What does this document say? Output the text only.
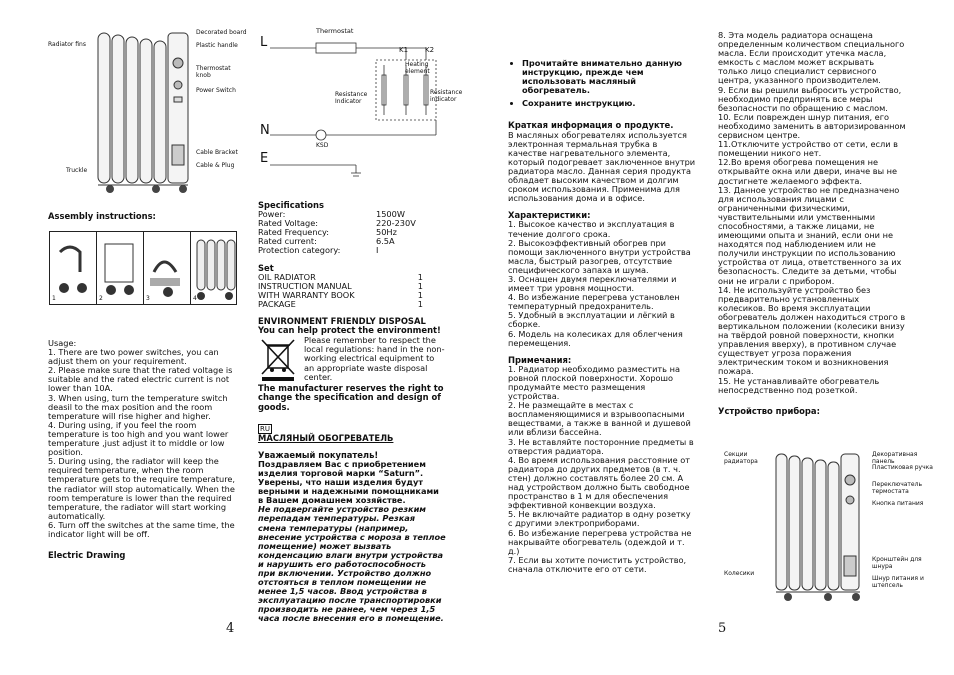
Radiator fins
Decorated board
Plastic handle
Thermostat knob
Power Switch
Cable Bracket
Cable & Plug
Truckle
Assembly instructions:
1	2	3	4

Usage:

1. There are two power switches, you can adjust them on your requirement.
2. Please make sure that the rated voltage is suitable and the rated electric current is not lower than 10A.
3. When using, turn the temperature switch deasil to the max position and the room temperature will rise higher and higher.
4. During using, if you feel the room temperature is too high and you want lower temperature ,just adjust it to middle or low position.
5. During using, the radiator will keep the required temperature, when the room temperature gets to the require temperature, the radiator will stop automatically. When the room temperature is lower than the required temperature, the radiator will start working automatically.
6. Turn off the switches at the same time, the indicator light will be off.

Electric Drawing

4
Thermostat
L	K1 K2
Resistance Indicator
Heating element
Resistance indicator
N
KSD
E

Specifications

Power:	1500W
Rated Voltage:	220-230V
Rated Frequency:	50Hz
Rated current:	6.5A
Protection category:	I

Set

OIL RADIATOR	1
INSTRUCTION MANUAL	1
WITH WARRANTY BOOK	1
PACKAGE	1

ENVIRONMENT FRIENDLY DISPOSAL

You can help protect the environment!

Please remember to respect the local regulations: hand in the non-working electrical equipment to an appropriate waste disposal center.

The manufacturer reserves the right to change the specification and design of goods.

RU

МАСЛЯНЫЙ ОБОГРЕВАТЕЛЬ

Уважаемый покупатель!

Поздравляем Вас с приобретением изделия торговой марки “Saturn”. Уверены, что наши изделия будут верными и надежными помощниками в Вашем домашнем хозяйстве.

Не подвергайте устройство резким перепадам температуры. Резкая смена температуры (например, внесение устройства с мороза в теплое помещение) может вызвать конденсацию влаги внутри устройства и нарушить его работоспособность при включении. Устройство должно отстояться в теплом помещении не менее 1,5 часов. Ввод устройства в эксплуатацию после транспортировки производить не ранее, чем через 1,5 часа после внесения его в помещение.

• Прочитайте внимательно данную инструкцию, прежде чем использовать масляный обогреватель.
• Сохраните инструкцию.

Краткая информация о продукте.

В масляных обогревателях используется электронная термальная трубка в качестве нагревательного элемента, который подогревает заключенное внутри радиатора масло. Данная серия продукта обладает высоким качеством и долгим сроком использования. Применима для использования дома и в офисе.

Характеристики:

1. Высокое качество и эксплуатация в течение долгого срока.
2. Высокоэффективный обогрев при помощи заключенного внутри устройства масла, быстрый разогрев, отсутствие специфического запаха и шума.
3. Оснащен двумя переключателями и имеет три уровня мощности.
4. Во избежание перегрева установлен температурный предохранитель.
5. Удобный в эксплуатации и лёгкий в сборке.
6. Модель на колесиках для облегчения перемещения.

Примечания:

1. Радиатор необходимо разместить на ровной плоской поверхности. Хорошо продумайте место размещения устройства.
2. Не размещайте в местах с воспламеняющимися и взрывоопасными веществами, а также в ванной и душевой или вблизи бассейна.
3. Не вставляйте посторонние предметы в отверстия радиатора.
4. Во время использования расстояние от радиатора до других предметов (в т. ч. стен) должно составлять более 20 см. А над устройством должно быть свободное пространство в 1 м для обеспечения эффективной конвекции воздуха.
5. Не включайте радиатор в одну розетку с другими электроприборами.
6. Во избежание перегрева устройства не накрывайте обогреватель (одеждой и т. д.)
7. Если вы хотите почистить устройство, сначала отключите его от сети.
8. Эта модель радиатора оснащена определенным количеством специального масла. Если происходит утечка масла, емкость с маслом может вскрывать только лицо специалист сервисного центра, указанного производителем.
9. Если вы решили выбросить устройство, необходимо предпринять все меры безопасности по обращению с маслом.
10. Если поврежден шнур питания, его необходимо заменить в авторизированном сервисном центре.
11.Отключите устройство от сети, если в помещении никого нет.
12.Во время обогрева помещения не открывайте окна или двери, иначе вы не достигнете желаемого эффекта.
13. Данное устройство не предназначено для использования лицами с ограниченными физическими, чувствительными или умственными способностями, а также лицами, не имеющими опыта и знаний, если они не находятся под наблюдением или не получили инструкции по использованию устройства от лица, ответственного за их безопасность. Следите за детьми, чтобы они не играли с прибором.
14. Не используйте устройство без предварительно установленных колесиков. Во время эксплуатации обогреватель должен находиться строго в вертикальном положении (колесики внизу на твёрдой ровной поверхности, кнопки управления вверху), в противном случае существует угроза поражения электрическим током и возникновения пожара.
15. Не устанавливайте обогреватель непосредственно под розеткой.

Устройство прибора:

Секции радиатора
Декоративная панель
Пластиковая ручка
Переключатель термостата
Кнопка питания
Кронштейн для шнура
Шнур питания и штепсель
Колесики
5
